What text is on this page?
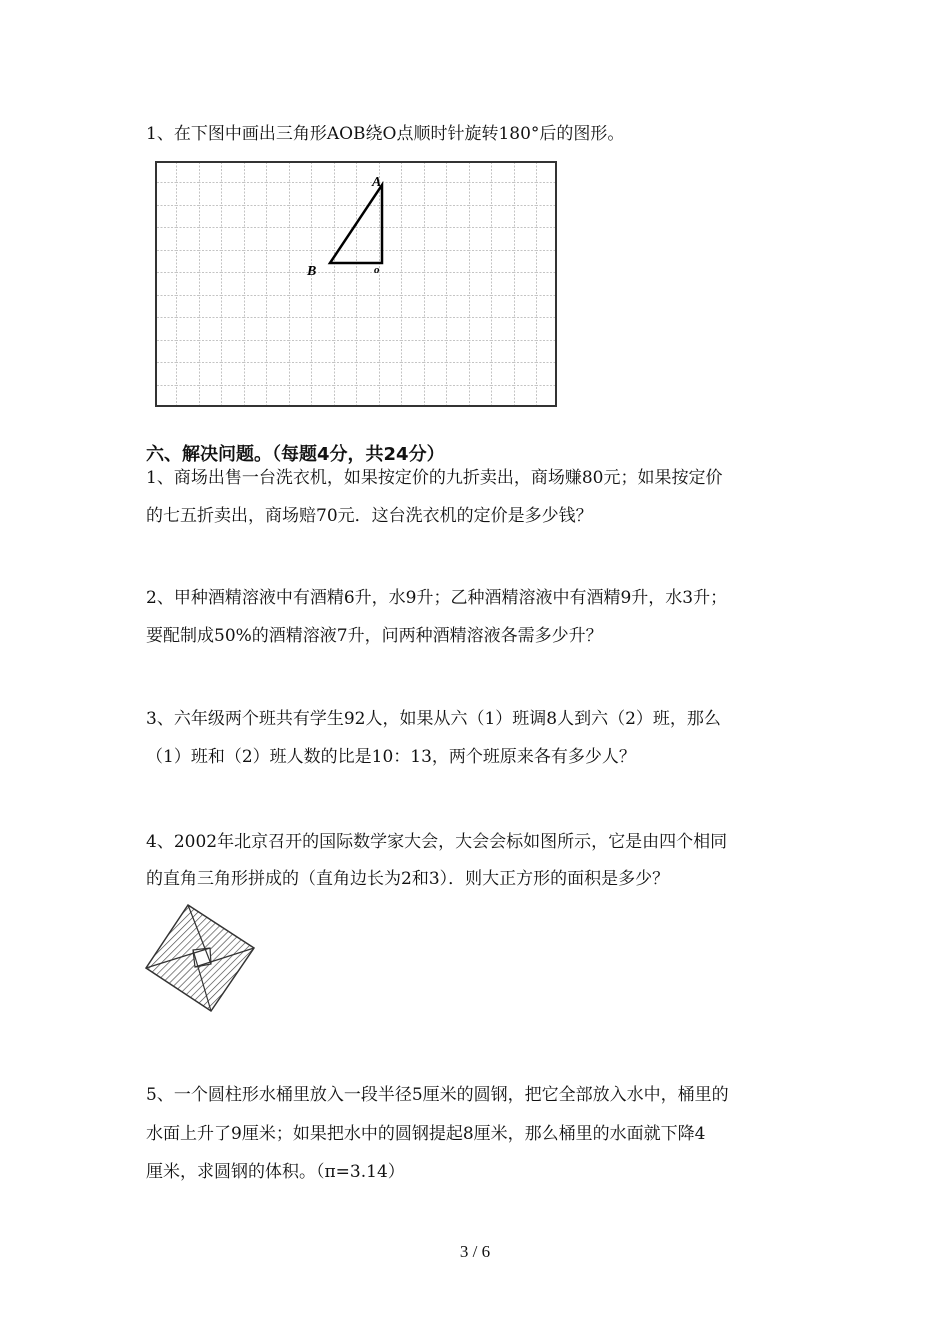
1、在下图中画出三角形AOB绕O点顺时针旋转180°后的图形。
A
B	o
六、解决问题。（每题4分，共24分）
1、商场出售一台洗衣机，如果按定价的九折卖出，商场赚80元；如果按定价
的七五折卖出，商场赔70元．这台洗衣机的定价是多少钱？
2、甲种酒精溶液中有酒精6升，水9升；乙种酒精溶液中有酒精9升，水3升；
要配制成50%的酒精溶液7升，问两种酒精溶液各需多少升？
3、六年级两个班共有学生92人，如果从六（1）班调8人到六（2）班，那么
（1）班和（2）班人数的比是10：13，两个班原来各有多少人？
4、2002年北京召开的国际数学家大会，大会会标如图所示，它是由四个相同
的直角三角形拼成的（直角边长为2和3）．则大正方形的面积是多少？
5、一个圆柱形水桶里放入一段半径5厘米的圆钢，把它全部放入水中，桶里的
水面上升了9厘米；如果把水中的圆钢提起8厘米，那么桶里的水面就下降4
厘米，求圆钢的体积。（π=3.14）
3 / 6
